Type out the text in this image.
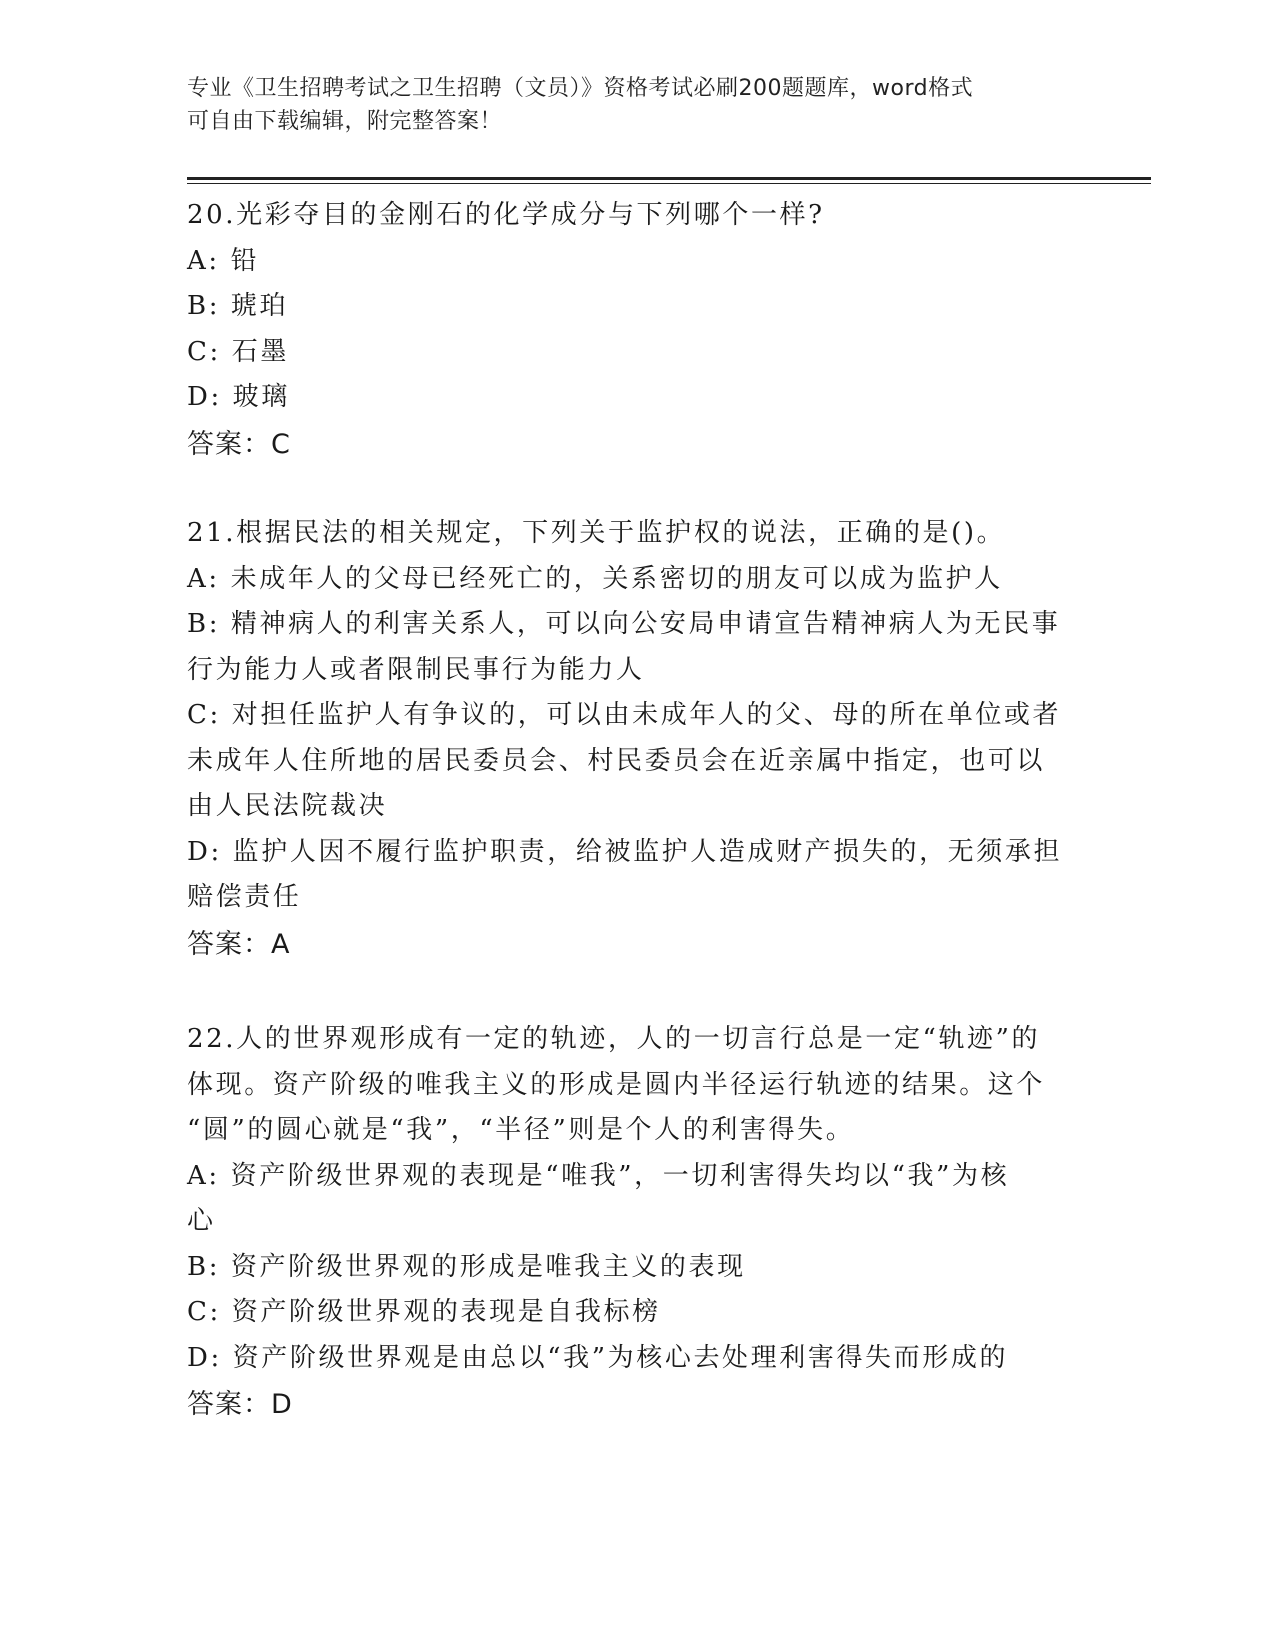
专业《卫生招聘考试之卫生招聘（文员）》资格考试必刷200题题库，word格式
可自由下载编辑，附完整答案！
20.光彩夺目的金刚石的化学成分与下列哪个一样?
A: 铅
B: 琥珀
C: 石墨
D: 玻璃
答案：C
21.根据民法的相关规定，下列关于监护权的说法，正确的是()。
A: 未成年人的父母已经死亡的，关系密切的朋友可以成为监护人
B: 精神病人的利害关系人，可以向公安局申请宣告精神病人为无民事
行为能力人或者限制民事行为能力人
C: 对担任监护人有争议的，可以由未成年人的父、母的所在单位或者
未成年人住所地的居民委员会、村民委员会在近亲属中指定，也可以
由人民法院裁决
D: 监护人因不履行监护职责，给被监护人造成财产损失的，无须承担
赔偿责任
答案：A
22.人的世界观形成有一定的轨迹，人的一切言行总是一定“轨迹”的
体现。资产阶级的唯我主义的形成是圆内半径运行轨迹的结果。这个
“圆”的圆心就是“我”，“半径”则是个人的利害得失。
A: 资产阶级世界观的表现是“唯我”，一切利害得失均以“我”为核
心
B: 资产阶级世界观的形成是唯我主义的表现
C: 资产阶级世界观的表现是自我标榜
D: 资产阶级世界观是由总以“我”为核心去处理利害得失而形成的
答案：D
